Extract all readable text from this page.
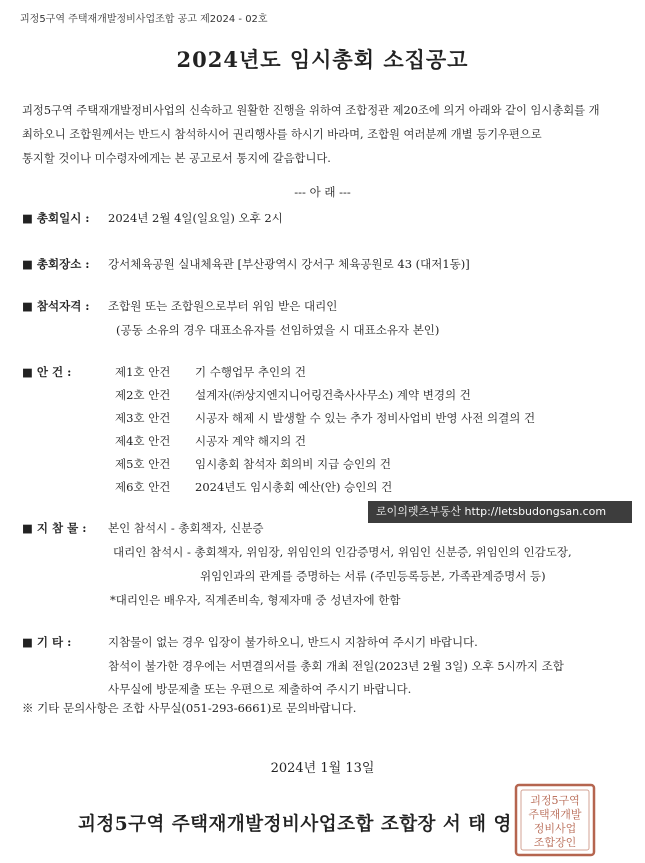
괴정5구역 주택재개발정비사업조합 공고 제2024 - 02호
2024년도 임시총회 소집공고
괴정5구역 주택재개발정비사업의 신속하고 원활한 진행을 위하여 조합정관 제20조에 의거 아래와 같이 임시총회를 개
최하오니 조합원께서는 반드시 참석하시어 권리행사를 하시기 바라며, 조합원 여러분께 개별 등기우편으로
통지할 것이나 미수령자에게는 본 공고로서 통지에 갈음합니다.
--- 아 래 ---
■ 총회일시 : 2024년 2월 4일(일요일) 오후 2시
■ 총회장소 : 강서체육공원 실내체육관 [부산광역시 강서구 체육공원로 43 (대저1동)]
■ 참석자격 : 조합원 또는 조합원으로부터 위임 받은 대리인
(공동 소유의 경우 대표소유자를 선임하였을 시 대표소유자 본인)
■ 안 건 :	제1호 안건 기 수행업무 추인의 건
제2호 안건 설계자(㈜상지엔지니어링건축사사무소) 계약 변경의 건
제3호 안건 시공자 해제 시 발생할 수 있는 추가 정비사업비 반영 사전 의결의 건
제4호 안건 시공자 계약 해지의 건
제5호 안건 임시총회 참석자 회의비 지급 승인의 건
제6호 안건 2024년도 임시총회 예산(안) 승인의 건
로이의렛츠부동산 http://letsbudongsan.com
■ 지 참 물 : 본인 참석시 - 총회책자, 신분증
대리인 참석시 - 총회책자, 위임장, 위임인의 인감증명서, 위임인 신분증, 위임인의 인감도장,
위임인과의 관계를 증명하는 서류 (주민등록등본, 가족관계증명서 등)
*대리인은 배우자, 직계존비속, 형제자매 중 성년자에 한함
■ 기 타 :	지참물이 없는 경우 입장이 불가하오니, 반드시 지참하여 주시기 바랍니다.
참석이 불가한 경우에는 서면결의서를 총회 개최 전일(2023년 2월 3일) 오후 5시까지 조합
사무실에 방문제출 또는 우편으로 제출하여 주시기 바랍니다.
※ 기타 문의사항은 조합 사무실(051-293-6661)로 문의바랍니다.
2024년 1월 13일
괴정5구역 주택재개발정비사업조합 조합장 서 태 영
괴정5구역
주택재개발
정비사업
조합장인
